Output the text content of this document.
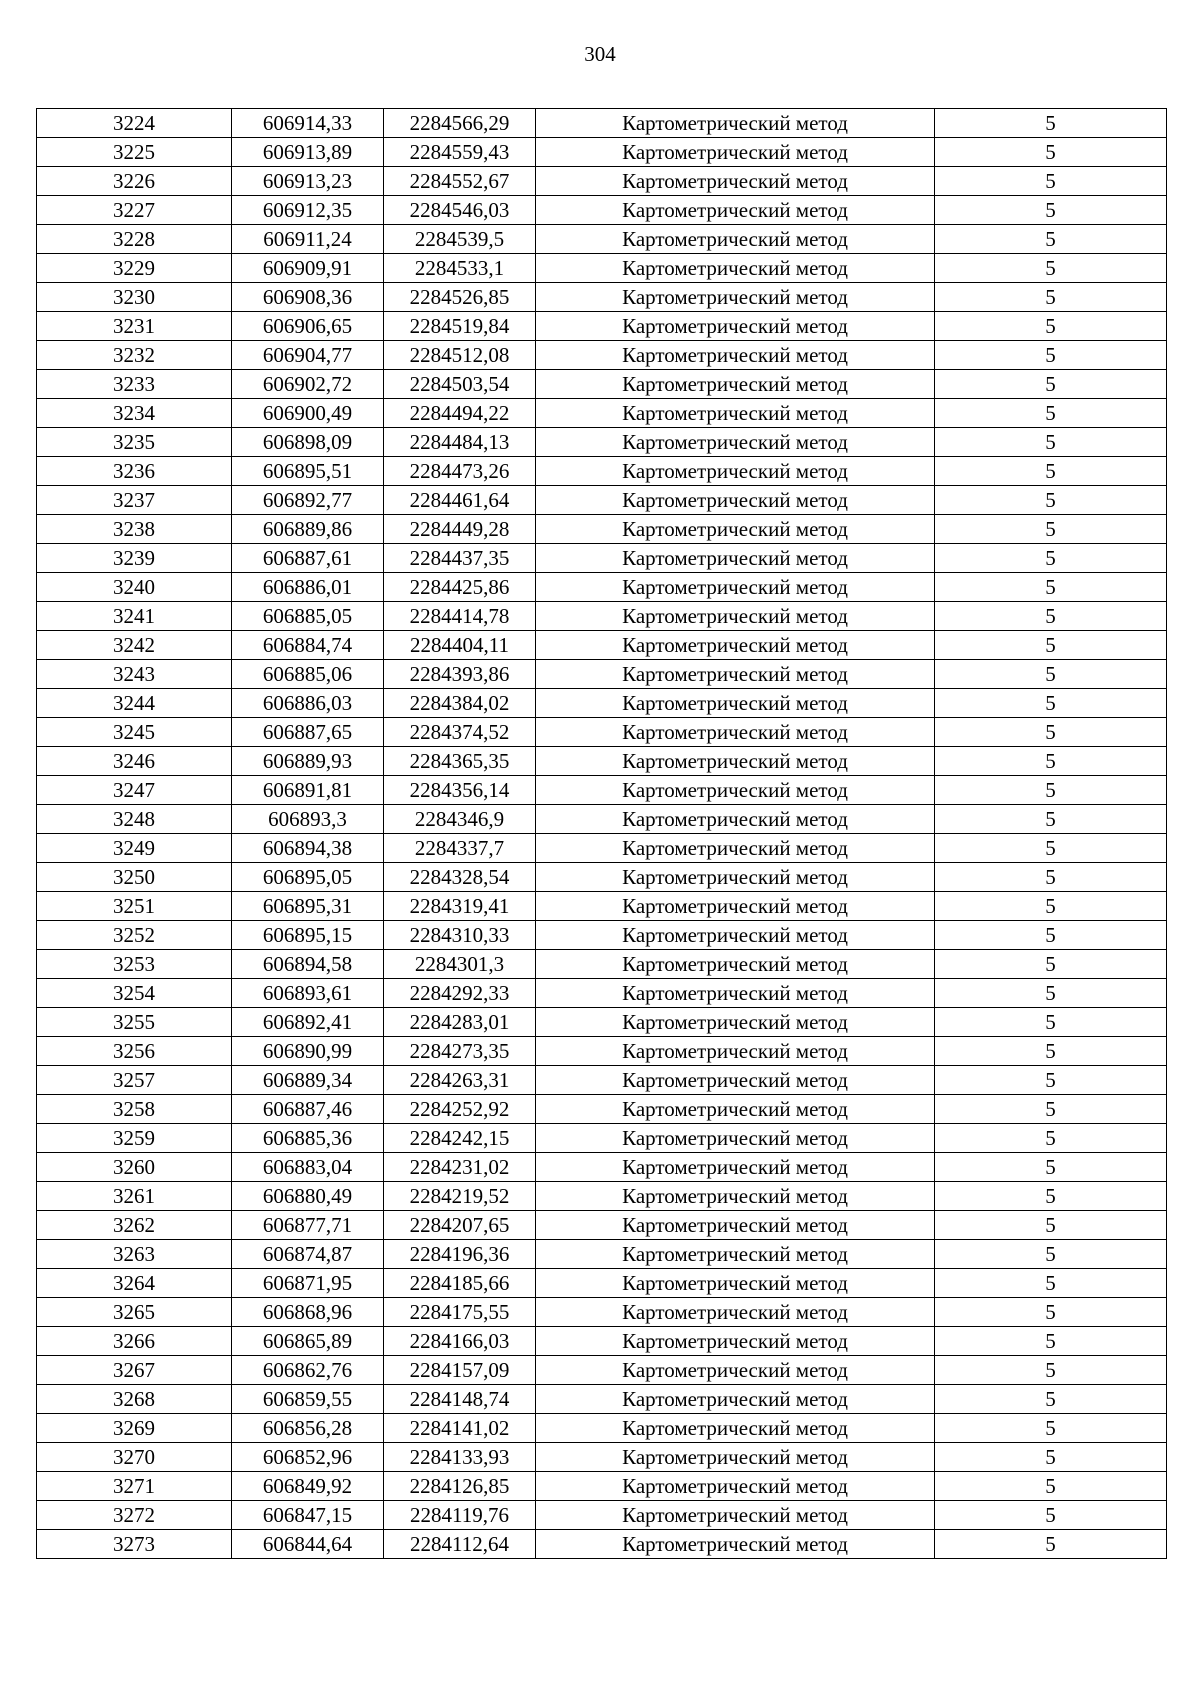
304
3224	606914,33	2284566,29	Картометрический метод	5
3225	606913,89	2284559,43	Картометрический метод	5
3226	606913,23	2284552,67	Картометрический метод	5
3227	606912,35	2284546,03	Картометрический метод	5
3228	606911,24	2284539,5	Картометрический метод	5
3229	606909,91	2284533,1	Картометрический метод	5
3230	606908,36	2284526,85	Картометрический метод	5
3231	606906,65	2284519,84	Картометрический метод	5
3232	606904,77	2284512,08	Картометрический метод	5
3233	606902,72	2284503,54	Картометрический метод	5
3234	606900,49	2284494,22	Картометрический метод	5
3235	606898,09	2284484,13	Картометрический метод	5
3236	606895,51	2284473,26	Картометрический метод	5
3237	606892,77	2284461,64	Картометрический метод	5
3238	606889,86	2284449,28	Картометрический метод	5
3239	606887,61	2284437,35	Картометрический метод	5
3240	606886,01	2284425,86	Картометрический метод	5
3241	606885,05	2284414,78	Картометрический метод	5
3242	606884,74	2284404,11	Картометрический метод	5
3243	606885,06	2284393,86	Картометрический метод	5
3244	606886,03	2284384,02	Картометрический метод	5
3245	606887,65	2284374,52	Картометрический метод	5
3246	606889,93	2284365,35	Картометрический метод	5
3247	606891,81	2284356,14	Картометрический метод	5
3248	606893,3	2284346,9	Картометрический метод	5
3249	606894,38	2284337,7	Картометрический метод	5
3250	606895,05	2284328,54	Картометрический метод	5
3251	606895,31	2284319,41	Картометрический метод	5
3252	606895,15	2284310,33	Картометрический метод	5
3253	606894,58	2284301,3	Картометрический метод	5
3254	606893,61	2284292,33	Картометрический метод	5
3255	606892,41	2284283,01	Картометрический метод	5
3256	606890,99	2284273,35	Картометрический метод	5
3257	606889,34	2284263,31	Картометрический метод	5
3258	606887,46	2284252,92	Картометрический метод	5
3259	606885,36	2284242,15	Картометрический метод	5
3260	606883,04	2284231,02	Картометрический метод	5
3261	606880,49	2284219,52	Картометрический метод	5
3262	606877,71	2284207,65	Картометрический метод	5
3263	606874,87	2284196,36	Картометрический метод	5
3264	606871,95	2284185,66	Картометрический метод	5
3265	606868,96	2284175,55	Картометрический метод	5
3266	606865,89	2284166,03	Картометрический метод	5
3267	606862,76	2284157,09	Картометрический метод	5
3268	606859,55	2284148,74	Картометрический метод	5
3269	606856,28	2284141,02	Картометрический метод	5
3270	606852,96	2284133,93	Картометрический метод	5
3271	606849,92	2284126,85	Картометрический метод	5
3272	606847,15	2284119,76	Картометрический метод	5
3273	606844,64	2284112,64	Картометрический метод	5
